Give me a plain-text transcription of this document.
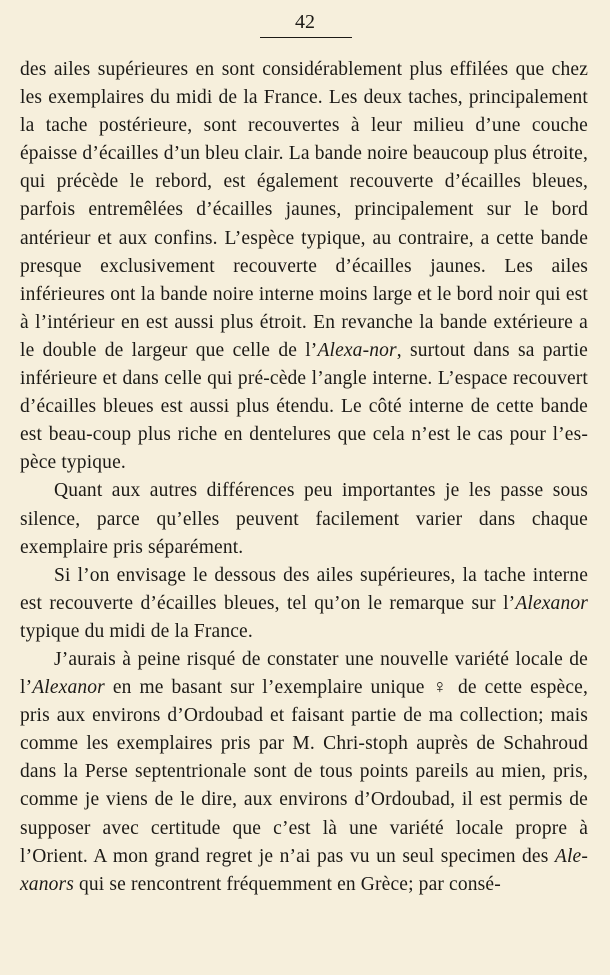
42

des ailes supérieures en sont considérablement plus effilées que chez les exemplaires du midi de la France. Les deux taches, principalement la tache postérieure, sont recouvertes à leur milieu d’une couche épaisse d’écailles d’un bleu clair. La bande noire beaucoup plus étroite, qui précède le rebord, est également recouverte d’écailles bleues, parfois entremêlées d’écailles jaunes, principalement sur le bord antérieur et aux confins. L’espèce typique, au contraire, a cette bande presque exclusivement recouverte d’écailles jaunes. Les ailes inférieures ont la bande noire interne moins large et le bord noir qui est à l’intérieur en est aussi plus étroit. En revanche la bande extérieure a le double de largeur que celle de l’Alexa-nor, surtout dans sa partie inférieure et dans celle qui pré-cède l’angle interne. L’espace recouvert d’écailles bleues est aussi plus étendu. Le côté interne de cette bande est beau-coup plus riche en dentelures que cela n’est le cas pour l’es-pèce typique.

Quant aux autres différences peu importantes je les passe sous silence, parce qu’elles peuvent facilement varier dans chaque exemplaire pris séparément.

Si l’on envisage le dessous des ailes supérieures, la tache interne est recouverte d’écailles bleues, tel qu’on le remarque sur l’Alexanor typique du midi de la France.

J’aurais à peine risqué de constater une nouvelle variété locale de l’Alexanor en me basant sur l’exemplaire unique ♀ de cette espèce, pris aux environs d’Ordoubad et faisant partie de ma collection; mais comme les exemplaires pris par M. Chri-stoph auprès de Schahroud dans la Perse septentrionale sont de tous points pareils au mien, pris, comme je viens de le dire, aux environs d’Ordoubad, il est permis de supposer avec certitude que c’est là une variété locale propre à l’Orient. A mon grand regret je n’ai pas vu un seul specimen des Ale-xanors qui se rencontrent fréquemment en Grèce; par consé-
